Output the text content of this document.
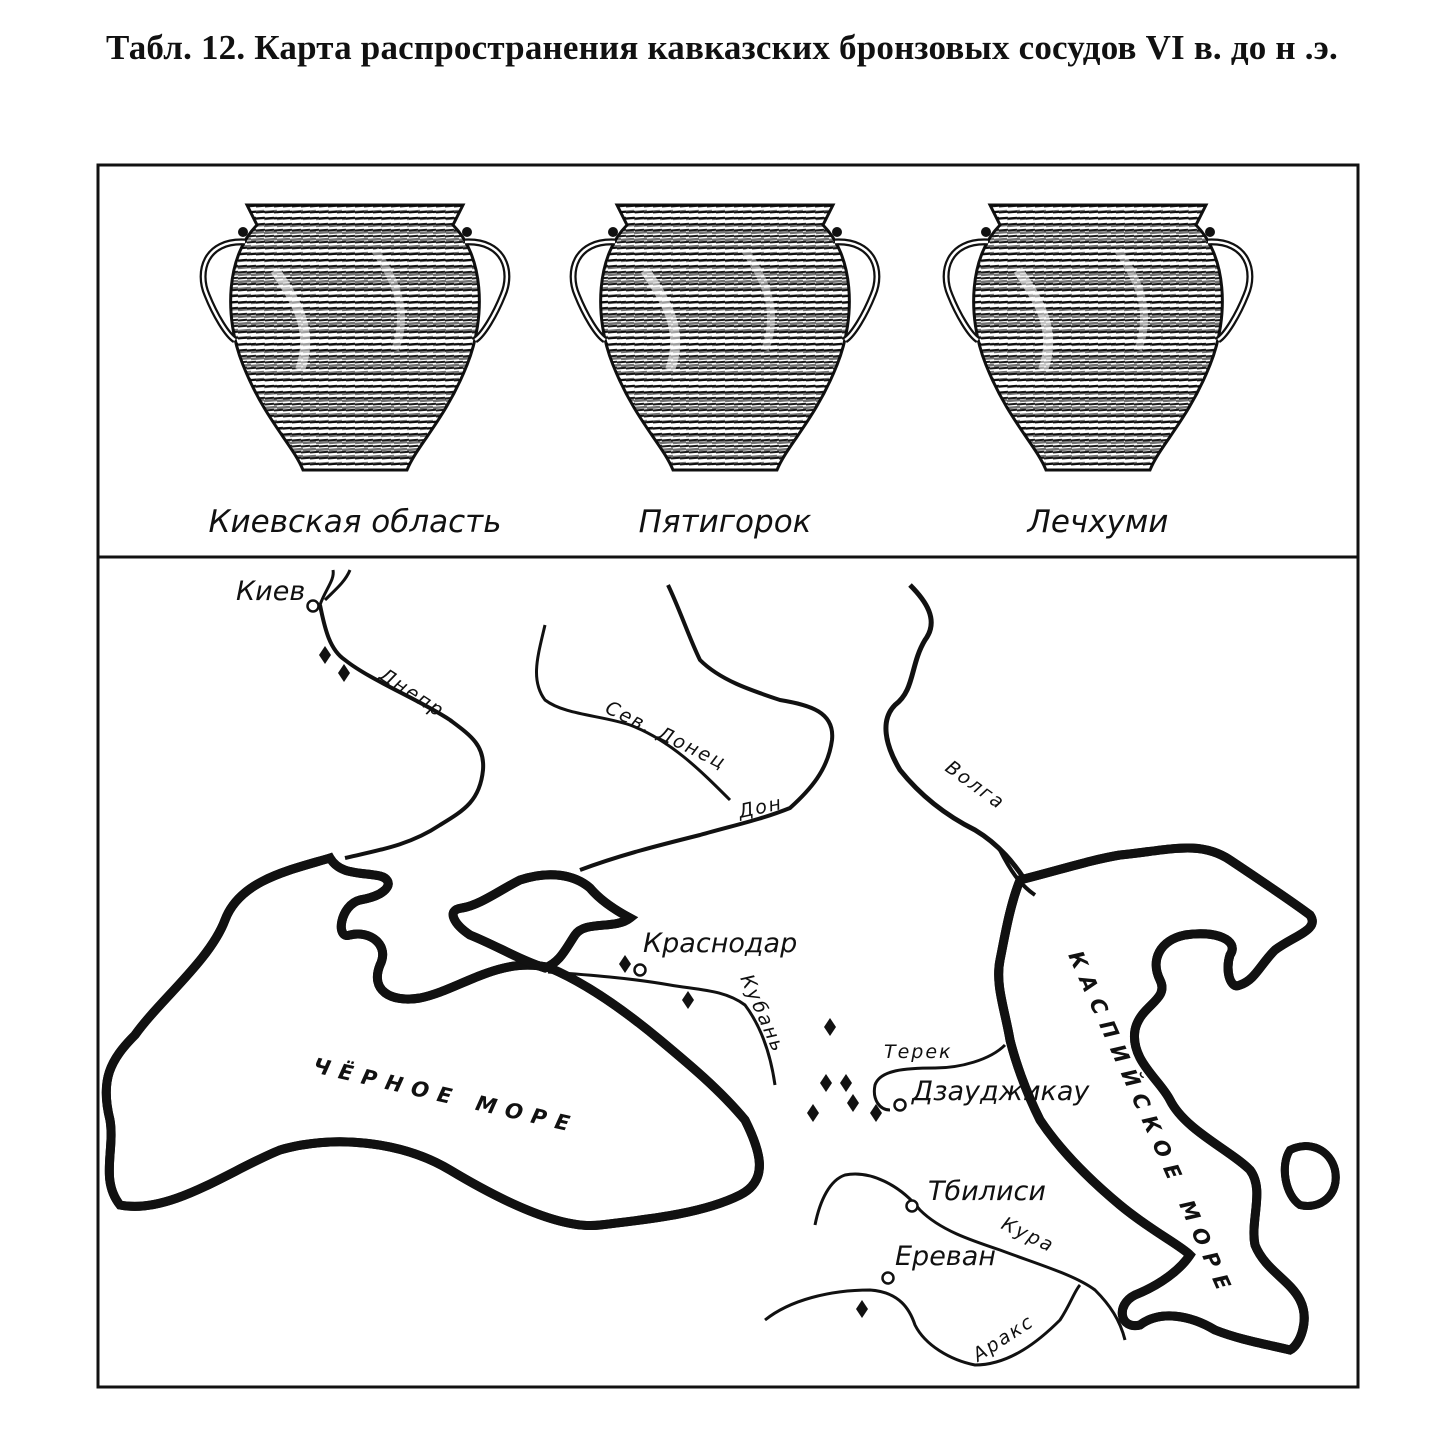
Табл. 12. Карта распространения кавказских бронзовых сосудов VI в. до н .э.
Киевская область	Пятигорок	Лечхуми
Киев
Краснодар
Дзауджикау
Тбилиси
Ереван
Днепр
Сев. Донец
Дон	Волга
Кубань	Терек
Кура
Аракс
ЧЁРНОЕ МОРЕ	КАСПИЙСКОЕ МОРЕ
